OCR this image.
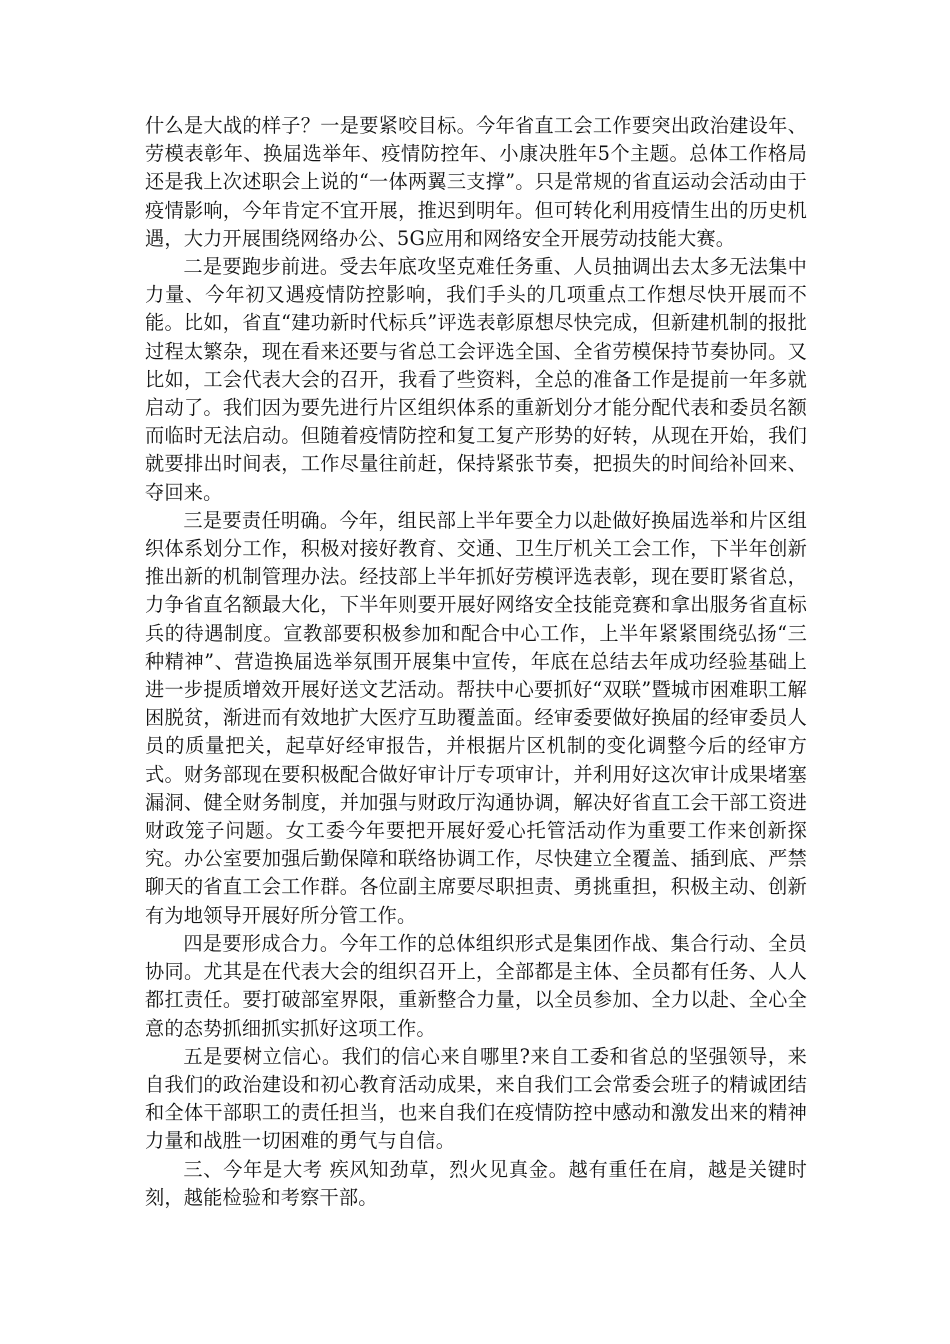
什么是大战的样子？一是要紧咬目标。今年省直工会工作要突出政治建设年、劳模表彰年、换届选举年、疫情防控年、小康决胜年5个主题。总体工作格局还是我上次述职会上说的“一体两翼三支撑”。只是常规的省直运动会活动由于疫情影响，今年肯定不宜开展，推迟到明年。但可转化利用疫情生出的历史机遇，大力开展围绕网络办公、5G应用和网络安全开展劳动技能大赛。

二是要跑步前进。受去年底攻坚克难任务重、人员抽调出去太多无法集中力量、今年初又遇疫情防控影响，我们手头的几项重点工作想尽快开展而不能。比如，省直“建功新时代标兵”评选表彰原想尽快完成，但新建机制的报批过程太繁杂，现在看来还要与省总工会评选全国、全省劳模保持节奏协同。又比如，工会代表大会的召开，我看了些资料，全总的准备工作是提前一年多就启动了。我们因为要先进行片区组织体系的重新划分才能分配代表和委员名额而临时无法启动。但随着疫情防控和复工复产形势的好转，从现在开始，我们就要排出时间表，工作尽量往前赶，保持紧张节奏，把损失的时间给补回来、夺回来。

三是要责任明确。今年，组民部上半年要全力以赴做好换届选举和片区组织体系划分工作，积极对接好教育、交通、卫生厅机关工会工作，下半年创新推出新的机制管理办法。经技部上半年抓好劳模评选表彰，现在要盯紧省总，力争省直名额最大化，下半年则要开展好网络安全技能竞赛和拿出服务省直标兵的待遇制度。宣教部要积极参加和配合中心工作，上半年紧紧围绕弘扬“三种精神”、营造换届选举氛围开展集中宣传，年底在总结去年成功经验基础上进一步提质增效开展好送文艺活动。帮扶中心要抓好“双联”暨城市困难职工解困脱贫，渐进而有效地扩大医疗互助覆盖面。经审委要做好换届的经审委员人员的质量把关，起草好经审报告，并根据片区机制的变化调整今后的经审方式。财务部现在要积极配合做好审计厅专项审计，并利用好这次审计成果堵塞漏洞、健全财务制度，并加强与财政厅沟通协调，解决好省直工会干部工资进财政笼子问题。女工委今年要把开展好爱心托管活动作为重要工作来创新探究。办公室要加强后勤保障和联络协调工作，尽快建立全覆盖、插到底、严禁聊天的省直工会工作群。各位副主席要尽职担责、勇挑重担，积极主动、创新有为地领导开展好所分管工作。

四是要形成合力。今年工作的总体组织形式是集团作战、集合行动、全员协同。尤其是在代表大会的组织召开上，全部都是主体、全员都有任务、人人都扛责任。要打破部室界限，重新整合力量，以全员参加、全力以赴、全心全意的态势抓细抓实抓好这项工作。

五是要树立信心。我们的信心来自哪里?来自工委和省总的坚强领导，来自我们的政治建设和初心教育活动成果，来自我们工会常委会班子的精诚团结和全体干部职工的责任担当，也来自我们在疫情防控中感动和激发出来的精神力量和战胜一切困难的勇气与自信。

三、今年是大考 疾风知劲草，烈火见真金。越有重任在肩，越是关键时刻，越能检验和考察干部。
